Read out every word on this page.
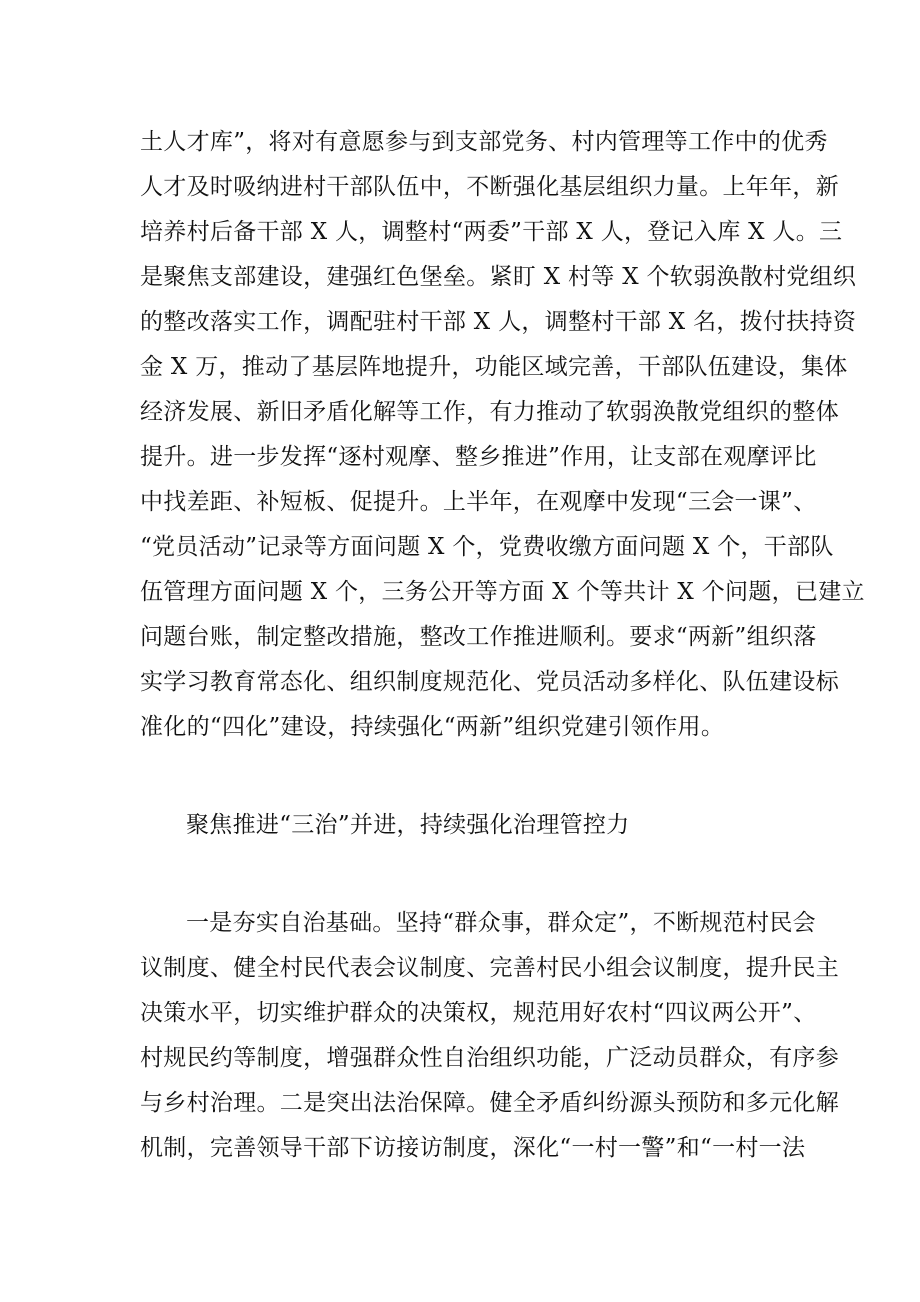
土人才库”，将对有意愿参与到支部党务、村内管理等工作中的优秀
人才及时吸纳进村干部队伍中，不断强化基层组织力量。上年年，新
培养村后备干部 X 人，调整村“两委”干部 X 人，登记入库 X 人。三
是聚焦支部建设，建强红色堡垒。紧盯 X 村等 X 个软弱涣散村党组织
的整改落实工作，调配驻村干部 X 人，调整村干部 X 名，拨付扶持资
金 X 万，推动了基层阵地提升，功能区域完善，干部队伍建设，集体
经济发展、新旧矛盾化解等工作，有力推动了软弱涣散党组织的整体
提升。进一步发挥“逐村观摩、整乡推进”作用，让支部在观摩评比
中找差距、补短板、促提升。上半年，在观摩中发现“三会一课”、
“党员活动”记录等方面问题 X 个，党费收缴方面问题 X 个，干部队
伍管理方面问题 X 个，三务公开等方面 X 个等共计 X 个问题，已建立
问题台账，制定整改措施，整改工作推进顺利。要求“两新”组织落
实学习教育常态化、组织制度规范化、党员活动多样化、队伍建设标
准化的“四化”建设，持续强化“两新”组织党建引领作用。
聚焦推进“三治”并进，持续强化治理管控力
一是夯实自治基础。坚持“群众事，群众定”，不断规范村民会
议制度、健全村民代表会议制度、完善村民小组会议制度，提升民主
决策水平，切实维护群众的决策权，规范用好农村“四议两公开”、
村规民约等制度，增强群众性自治组织功能，广泛动员群众，有序参
与乡村治理。二是突出法治保障。健全矛盾纠纷源头预防和多元化解
机制，完善领导干部下访接访制度，深化“一村一警”和“一村一法
